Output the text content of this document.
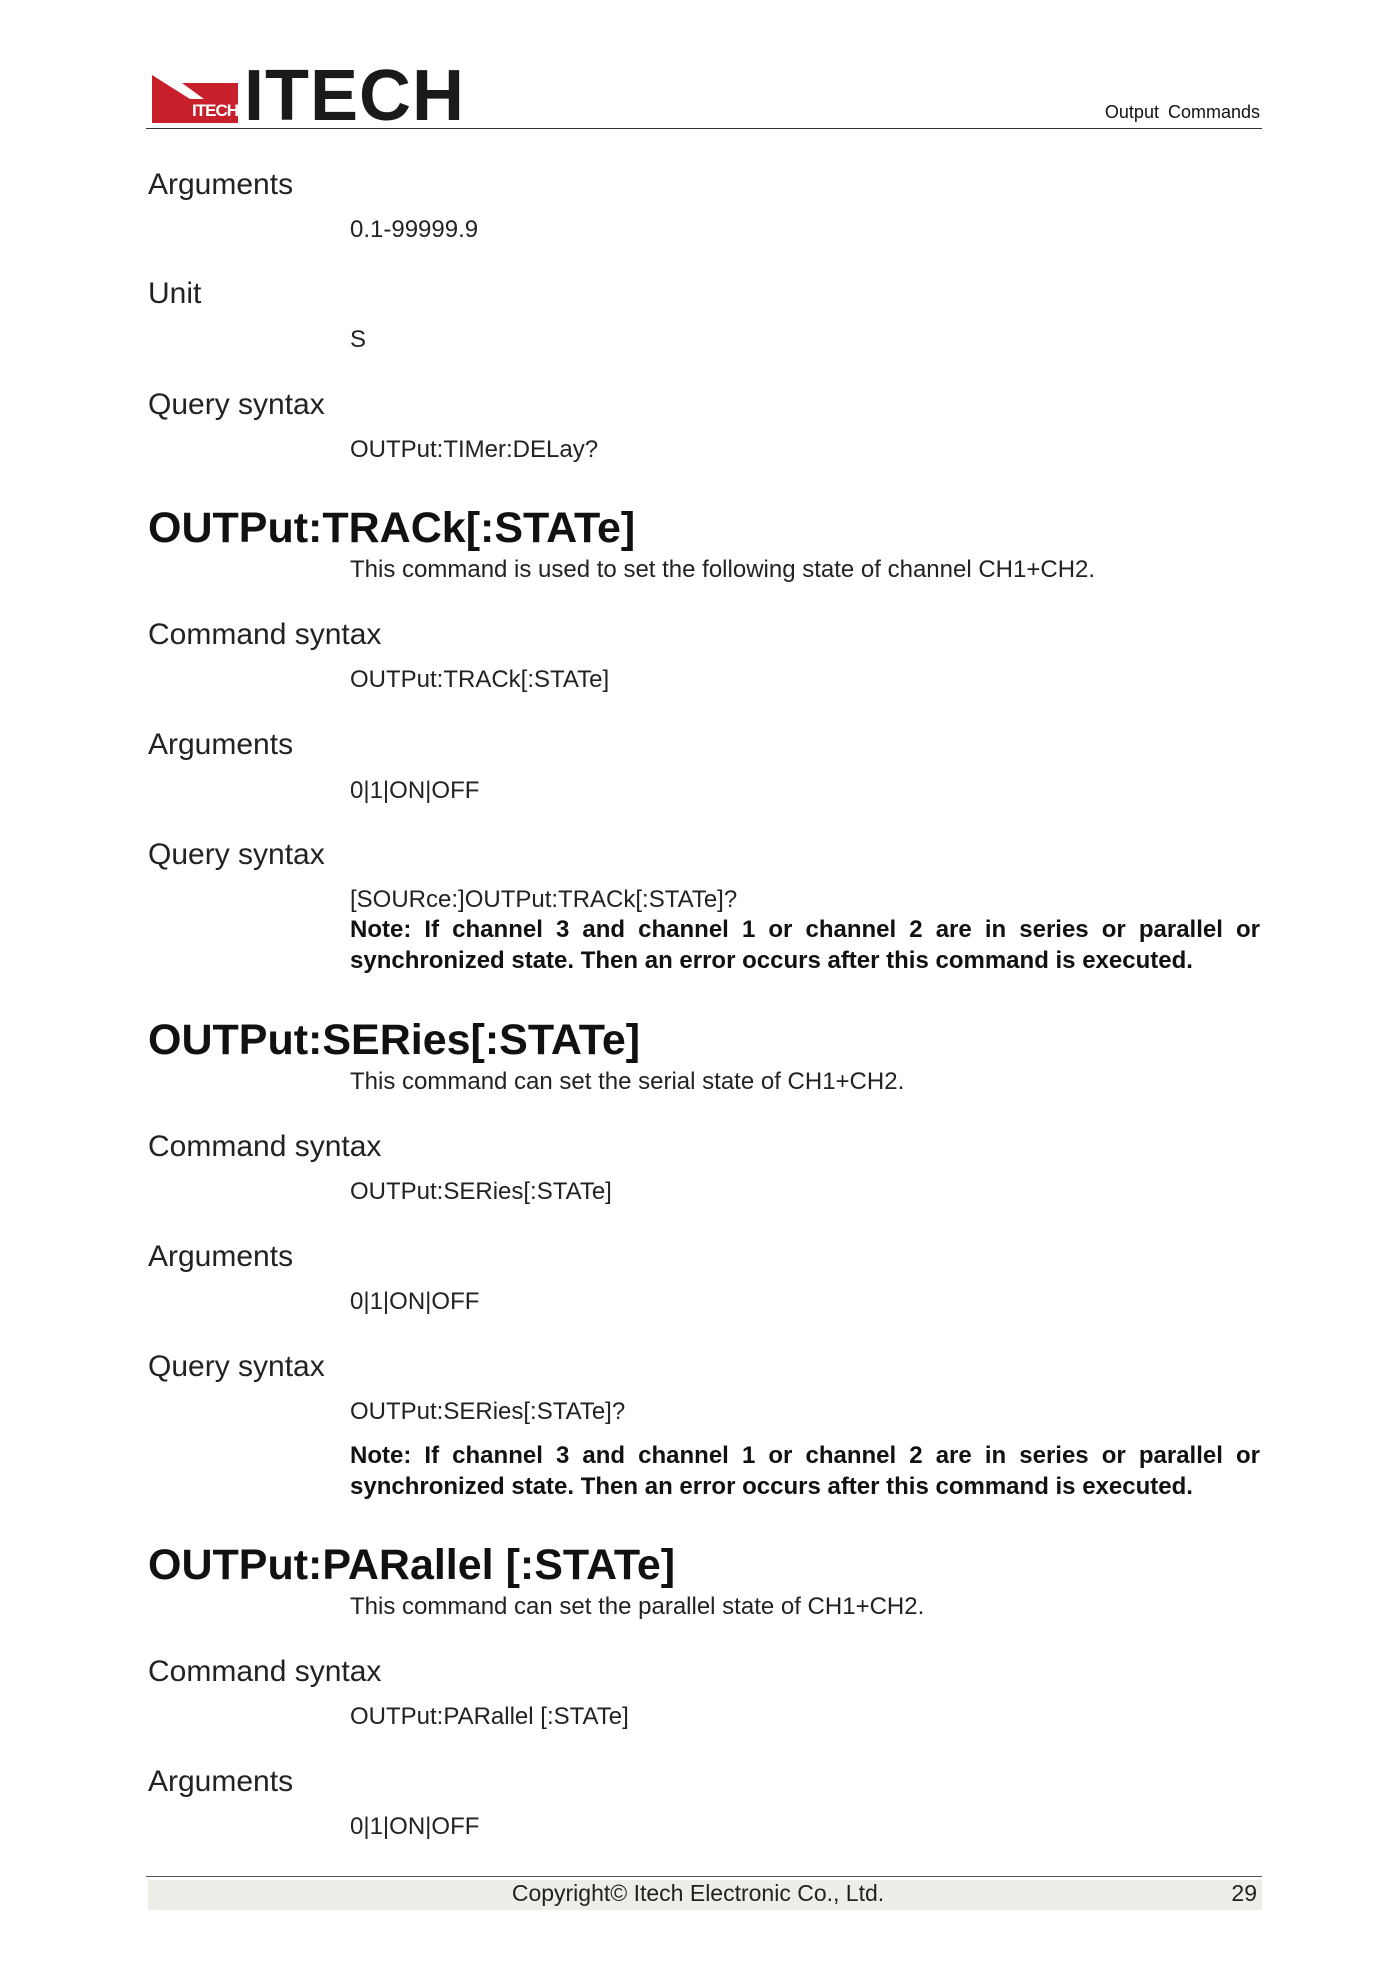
ITECH ITECH	Output Commands
Arguments
0.1-99999.9
Unit
S
Query syntax
OUTPut:TIMer:DELay?
OUTPut:TRACk[:STATe]
This command is used to set the following state of channel CH1+CH2.
Command syntax
OUTPut:TRACk[:STATe]
Arguments
0|1|ON|OFF
Query syntax
[SOURce:]OUTPut:TRACk[:STATe]?
Note: If channel 3 and channel 1 or channel 2 are in series or parallel or synchronized state. Then an error occurs after this command is executed.
OUTPut:SERies[:STATe]
This command can set the serial state of CH1+CH2.
Command syntax
OUTPut:SERies[:STATe]
Arguments
0|1|ON|OFF
Query syntax
OUTPut:SERies[:STATe]?
Note: If channel 3 and channel 1 or channel 2 are in series or parallel or synchronized state. Then an error occurs after this command is executed.
OUTPut:PARallel [:STATe]
This command can set the parallel state of CH1+CH2.
Command syntax
OUTPut:PARallel [:STATe]
Arguments
0|1|ON|OFF
Copyright© Itech Electronic Co., Ltd.	29
